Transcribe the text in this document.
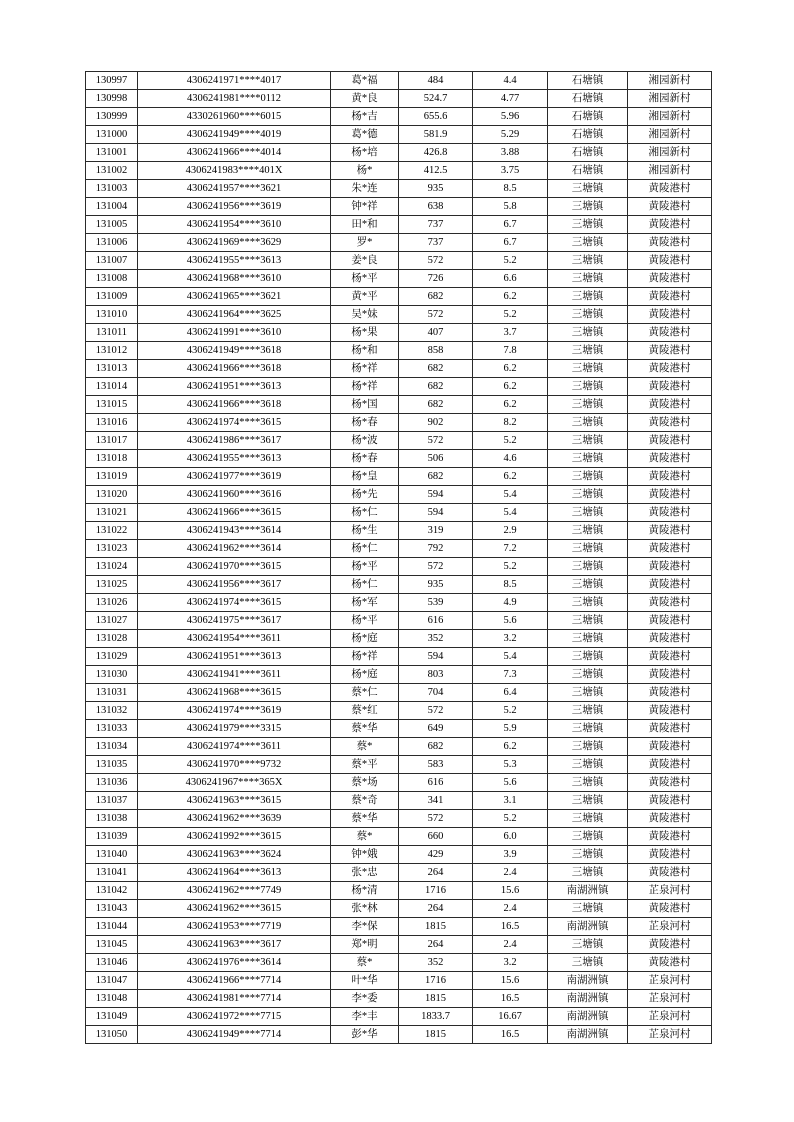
130997	4306241971****4017	葛*福	484	4.4	石塘镇	湘园新村
130998	4306241981****0112	黄*良	524.7	4.77	石塘镇	湘园新村
130999	4330261960****6015	杨*吉	655.6	5.96	石塘镇	湘园新村
131000	4306241949****4019	葛*德	581.9	5.29	石塘镇	湘园新村
131001	4306241966****4014	杨*培	426.8	3.88	石塘镇	湘园新村
131002	4306241983****401X	杨*	412.5	3.75	石塘镇	湘园新村
131003	4306241957****3621	朱*连	935	8.5	三塘镇	黄陵港村
131004	4306241956****3619	钟*祥	638	5.8	三塘镇	黄陵港村
131005	4306241954****3610	田*和	737	6.7	三塘镇	黄陵港村
131006	4306241969****3629	罗*	737	6.7	三塘镇	黄陵港村
131007	4306241955****3613	姜*良	572	5.2	三塘镇	黄陵港村
131008	4306241968****3610	杨*平	726	6.6	三塘镇	黄陵港村
131009	4306241965****3621	黄*平	682	6.2	三塘镇	黄陵港村
131010	4306241964****3625	吴*妹	572	5.2	三塘镇	黄陵港村
131011	4306241991****3610	杨*果	407	3.7	三塘镇	黄陵港村
131012	4306241949****3618	杨*和	858	7.8	三塘镇	黄陵港村
131013	4306241966****3618	杨*祥	682	6.2	三塘镇	黄陵港村
131014	4306241951****3613	杨*祥	682	6.2	三塘镇	黄陵港村
131015	4306241966****3618	杨*国	682	6.2	三塘镇	黄陵港村
131016	4306241974****3615	杨*春	902	8.2	三塘镇	黄陵港村
131017	4306241986****3617	杨*波	572	5.2	三塘镇	黄陵港村
131018	4306241955****3613	杨*春	506	4.6	三塘镇	黄陵港村
131019	4306241977****3619	杨*皇	682	6.2	三塘镇	黄陵港村
131020	4306241960****3616	杨*先	594	5.4	三塘镇	黄陵港村
131021	4306241966****3615	杨*仁	594	5.4	三塘镇	黄陵港村
131022	4306241943****3614	杨*生	319	2.9	三塘镇	黄陵港村
131023	4306241962****3614	杨*仁	792	7.2	三塘镇	黄陵港村
131024	4306241970****3615	杨*平	572	5.2	三塘镇	黄陵港村
131025	4306241956****3617	杨*仁	935	8.5	三塘镇	黄陵港村
131026	4306241974****3615	杨*军	539	4.9	三塘镇	黄陵港村
131027	4306241975****3617	杨*平	616	5.6	三塘镇	黄陵港村
131028	4306241954****3611	杨*庭	352	3.2	三塘镇	黄陵港村
131029	4306241951****3613	杨*祥	594	5.4	三塘镇	黄陵港村
131030	4306241941****3611	杨*庭	803	7.3	三塘镇	黄陵港村
131031	4306241968****3615	蔡*仁	704	6.4	三塘镇	黄陵港村
131032	4306241974****3619	蔡*红	572	5.2	三塘镇	黄陵港村
131033	4306241979****3315	蔡*华	649	5.9	三塘镇	黄陵港村
131034	4306241974****3611	蔡*	682	6.2	三塘镇	黄陵港村
131035	4306241970****9732	蔡*平	583	5.3	三塘镇	黄陵港村
131036	4306241967****365X	蔡*场	616	5.6	三塘镇	黄陵港村
131037	4306241963****3615	蔡*奇	341	3.1	三塘镇	黄陵港村
131038	4306241962****3639	蔡*华	572	5.2	三塘镇	黄陵港村
131039	4306241992****3615	蔡*	660	6.0	三塘镇	黄陵港村
131040	4306241963****3624	钟*娥	429	3.9	三塘镇	黄陵港村
131041	4306241964****3613	张*忠	264	2.4	三塘镇	黄陵港村
131042	4306241962****7749	杨*清	1716	15.6	南湖洲镇	芷泉河村
131043	4306241962****3615	张*林	264	2.4	三塘镇	黄陵港村
131044	4306241953****7719	李*保	1815	16.5	南湖洲镇	芷泉河村
131045	4306241963****3617	郑*明	264	2.4	三塘镇	黄陵港村
131046	4306241976****3614	蔡*	352	3.2	三塘镇	黄陵港村
131047	4306241966****7714	叶*华	1716	15.6	南湖洲镇	芷泉河村
131048	4306241981****7714	李*委	1815	16.5	南湖洲镇	芷泉河村
131049	4306241972****7715	李*丰	1833.7	16.67	南湖洲镇	芷泉河村
131050	4306241949****7714	彭*华	1815	16.5	南湖洲镇	芷泉河村
